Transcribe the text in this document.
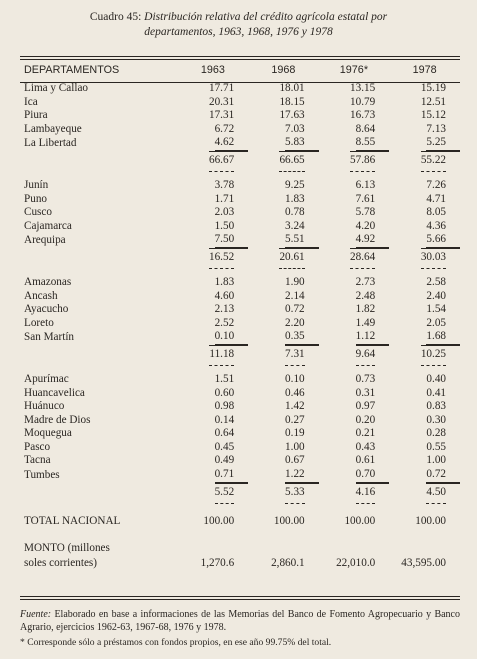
Cuadro 45: Distribución relativa del crédito agrícola estatal por
departamentos, 1963, 1968, 1976 y 1978
DEPARTAMENTOS	1963	1968	1976*	1978
Lima y Callao	17.71	18.01	13.15	15.19
Ica	20.31	18.15	10.79	12.51
Piura	17.31	17.63	16.73	15.12
Lambayeque	6.72	7.03	8.64	7.13
La Libertad	4.62	5.83	8.55	5.25
	66.67	66.65	57.86	55.22

Junín	3.78	9.25	6.13	7.26
Puno	1.71	1.83	7.61	4.71
Cusco	2.03	0.78	5.78	8.05
Cajamarca	1.50	3.24	4.20	4.36
Arequipa	7.50	5.51	4.92	5.66
	16.52	20.61	28.64	30.03

Amazonas	1.83	1.90	2.73	2.58
Ancash	4.60	2.14	2.48	2.40
Ayacucho	2.13	0.72	1.82	1.54
Loreto	2.52	2.20	1.49	2.05
San Martín	0.10	0.35	1.12	1.68
	11.18	7.31	9.64	10.25

Apurímac	1.51	0.10	0.73	0.40
Huancavelica	0.60	0.46	0.31	0.41
Huánuco	0.98	1.42	0.97	0.83
Madre de Dios	0.14	0.27	0.20	0.30
Moquegua	0.64	0.19	0.21	0.28
Pasco	0.45	1.00	0.43	0.55
Tacna	0.49	0.67	0.61	1.00
Tumbes	0.71	1.22	0.70	0.72
	5.52	5.33	4.16	4.50

TOTAL NACIONAL	100.00	100.00	100.00	100.00

MONTO (millones				
soles corrientes)	1,270.6	2,860.1	22,010.0	43,595.00
Fuente: Elaborado en base a informaciones de las Memorias del Banco de Fomento Agropecuario y Banco Agrario, ejercicios 1962-63, 1967-68, 1976 y 1978.
* Corresponde sólo a préstamos con fondos propios, en ese año 99.75% del total.
